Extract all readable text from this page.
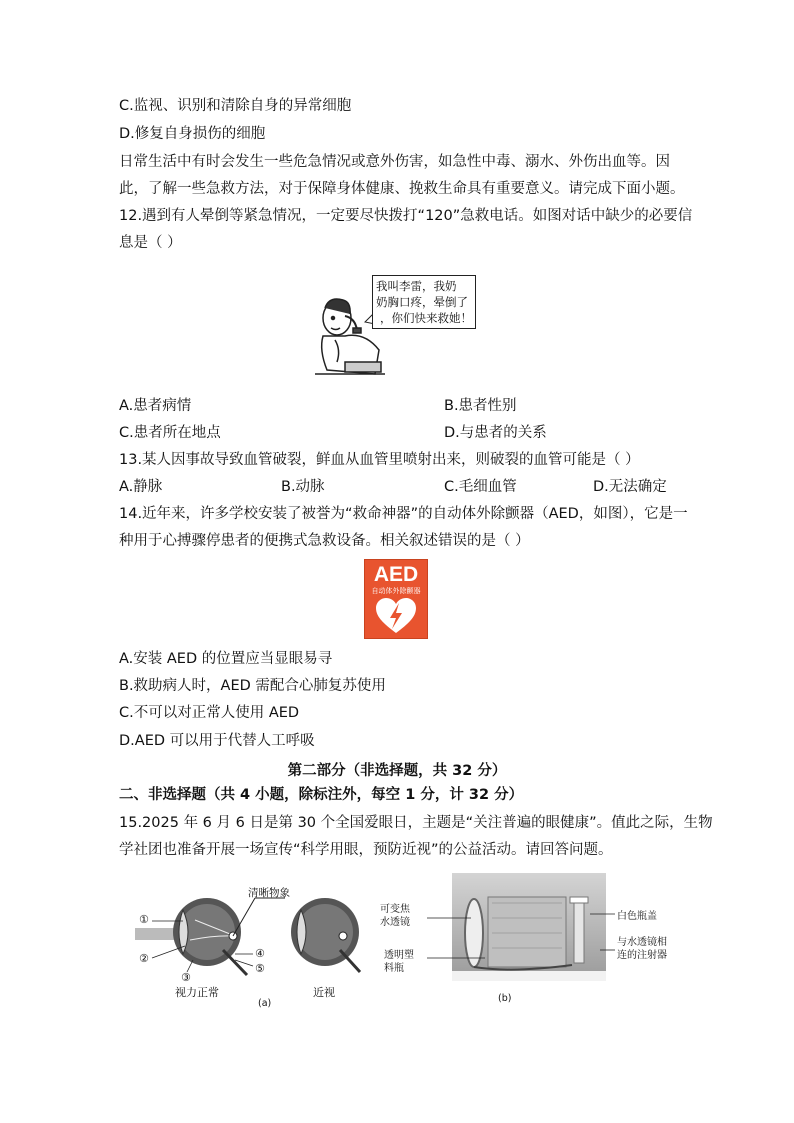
C.监视、识别和清除自身的异常细胞
D.修复自身损伤的细胞
日常生活中有时会发生一些危急情况或意外伤害，如急性中毒、溺水、外伤出血等。因
此，了解一些急救方法，对于保障身体健康、挽救生命具有重要意义。请完成下面小题。
12.遇到有人晕倒等紧急情况，一定要尽快拨打“120”急救电话。如图对话中缺少的必要信
息是（ ）
我叫李雷，我奶
奶胸口疼，晕倒了
，你们快来救她！
A.患者病情	B.患者性别
C.患者所在地点	D.与患者的关系
13.某人因事故导致血管破裂，鲜血从血管里喷射出来，则破裂的血管可能是（ ）
A.静脉	B.动脉	C.毛细血管	D.无法确定
14.近年来，许多学校安装了被誉为“救命神器”的自动体外除颤器（AED，如图），它是一
种用于心搏骤停患者的便携式急救设备。相关叙述错误的是（ ）
AED
自动体外除颤器
A.安装 AED 的位置应当显眼易寻
B.救助病人时，AED 需配合心肺复苏使用
C.不可以对正常人使用 AED
D.AED 可以用于代替人工呼吸
第二部分（非选择题，共 32 分）
二、非选择题（共 4 小题，除标注外，每空 1 分，计 32 分）
15.2025 年 6 月 6 日是第 30 个全国爱眼日，主题是“关注普遍的眼健康”。值此之际，生物
学社团也准备开展一场宣传“科学用眼，预防近视”的公益活动。请回答问题。
清晰物象
①
②
③
④
⑤
视力正常	近视
(a)
可变焦
水透镜
透明塑
料瓶
白色瓶盖
与水透镜相
连的注射器
(b)
